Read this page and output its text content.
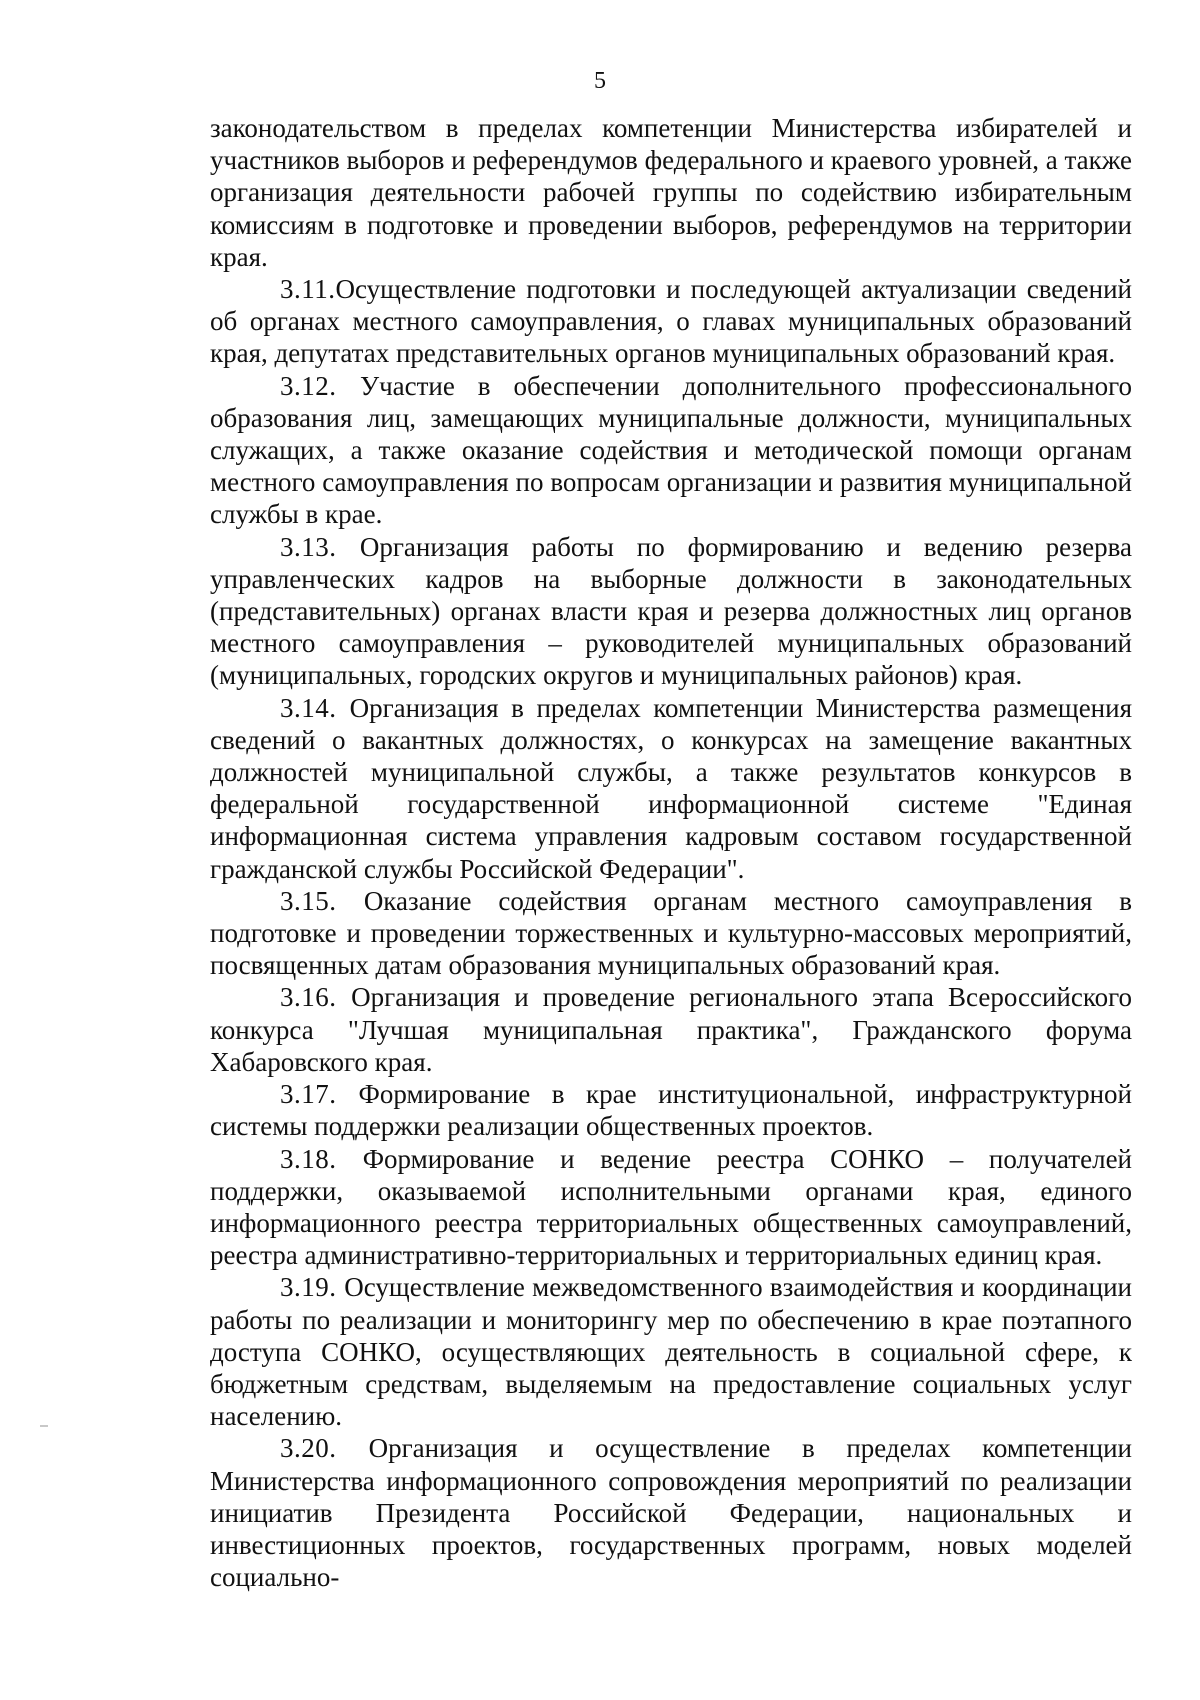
5

законодательством в пределах компетенции Министерства избирателей и участников выборов и референдумов федерального и краевого уровней, а также организация деятельности рабочей группы по содействию избирательным комиссиям в подготовке и проведении выборов, референдумов на территории края.

3.11.Осуществление подготовки и последующей актуализации сведений об органах местного самоуправления, о главах муниципальных образований края, депутатах представительных органов муниципальных образований края.

3.12. Участие в обеспечении дополнительного профессионального образования лиц, замещающих муниципальные должности, муниципальных служащих, а также оказание содействия и методической помощи органам местного самоуправления по вопросам организации и развития муниципальной службы в крае.

3.13. Организация работы по формированию и ведению резерва управленческих кадров на выборные должности в законодательных (представительных) органах власти края и резерва должностных лиц органов местного самоуправления – руководителей муниципальных образований (муниципальных, городских округов и муниципальных районов) края.

3.14. Организация в пределах компетенции Министерства размещения сведений о вакантных должностях, о конкурсах на замещение вакантных должностей муниципальной службы, а также результатов конкурсов в федеральной государственной информационной системе "Единая информационная система управления кадровым составом государственной гражданской службы Российской Федерации".

3.15. Оказание содействия органам местного самоуправления в подготовке и проведении торжественных и культурно-массовых мероприятий, посвященных датам образования муниципальных образований края.

3.16. Организация и проведение регионального этапа Всероссийского конкурса "Лучшая муниципальная практика", Гражданского форума Хабаровского края.

3.17. Формирование в крае институциональной, инфраструктурной системы поддержки реализации общественных проектов.

3.18. Формирование и ведение реестра СОНКО – получателей поддержки, оказываемой исполнительными органами края, единого информационного реестра территориальных общественных самоуправлений, реестра административно-территориальных и территориальных единиц края.

3.19. Осуществление межведомственного взаимодействия и координации работы по реализации и мониторингу мер по обеспечению в крае поэтапного доступа СОНКО, осуществляющих деятельность в социальной сфере, к бюджетным средствам, выделяемым на предоставление социальных услуг населению.

3.20. Организация и осуществление в пределах компетенции Министерства информационного сопровождения мероприятий по реализации инициатив Президента Российской Федерации, национальных и инвестиционных проектов, государственных программ, новых моделей социально-
